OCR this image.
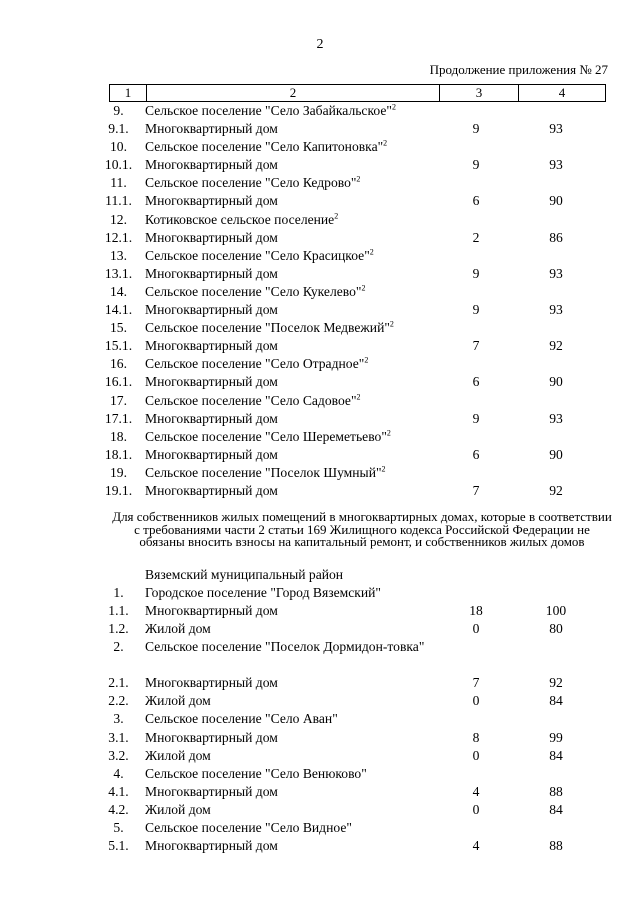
2
Продолжение приложения № 27
1	2	3	4
9.	Сельское поселение "Село Забайкальское"$^2$
9.1.	Многоквартирный дом	9	93
10.	Сельское поселение "Село Капитоновка"$^2$
10.1. Многоквартирный дом	9	93
11.	Сельское поселение "Село Кедрово"$^2$
11.1. Многоквартирный дом	6	90
12.	Котиковское сельское поселение$^2$
12.1. Многоквартирный дом	2	86
13.	Сельское поселение "Село Красицкое"$^2$
13.1. Многоквартирный дом	9	93
14.	Сельское поселение "Село Кукелево"$^2$
14.1. Многоквартирный дом	9	93
15.	Сельское поселение "Поселок Медвежий"$^2$
15.1. Многоквартирный дом	7	92
16.	Сельское поселение "Село Отрадное"$^2$
16.1. Многоквартирный дом	6	90
17.	Сельское поселение "Село Садовое"$^2$
17.1. Многоквартирный дом	9	93
18.	Сельское поселение "Село Шереметьево"$^2$
18.1. Многоквартирный дом	6	90
19.	Сельское поселение "Поселок Шумный"$^2$
19.1. Многоквартирный дом	7	92
Для собственников жилых помещений в многоквартирных домах, которые в соответствии с требованиями части 2 статьи 169 Жилищного кодекса Российской Федерации не обязаны вносить взносы на капитальный ремонт, и собственников жилых домов
Вяземский муниципальный район
1.	Городское поселение "Город Вяземский"
1.1.	Многоквартирный дом	18	100
1.2.	Жилой дом	0	80
2.	Сельское поселение "Поселок Дормидон-товка"
2.1.	Многоквартирный дом	7	92
2.2.	Жилой дом	0	84
3.	Сельское поселение "Село Аван"
3.1.	Многоквартирный дом	8	99
3.2.	Жилой дом	0	84
4.	Сельское поселение "Село Венюково"
4.1.	Многоквартирный дом	4	88
4.2.	Жилой дом	0	84
5.	Сельское поселение "Село Видное"
5.1.	Многоквартирный дом	4	88
